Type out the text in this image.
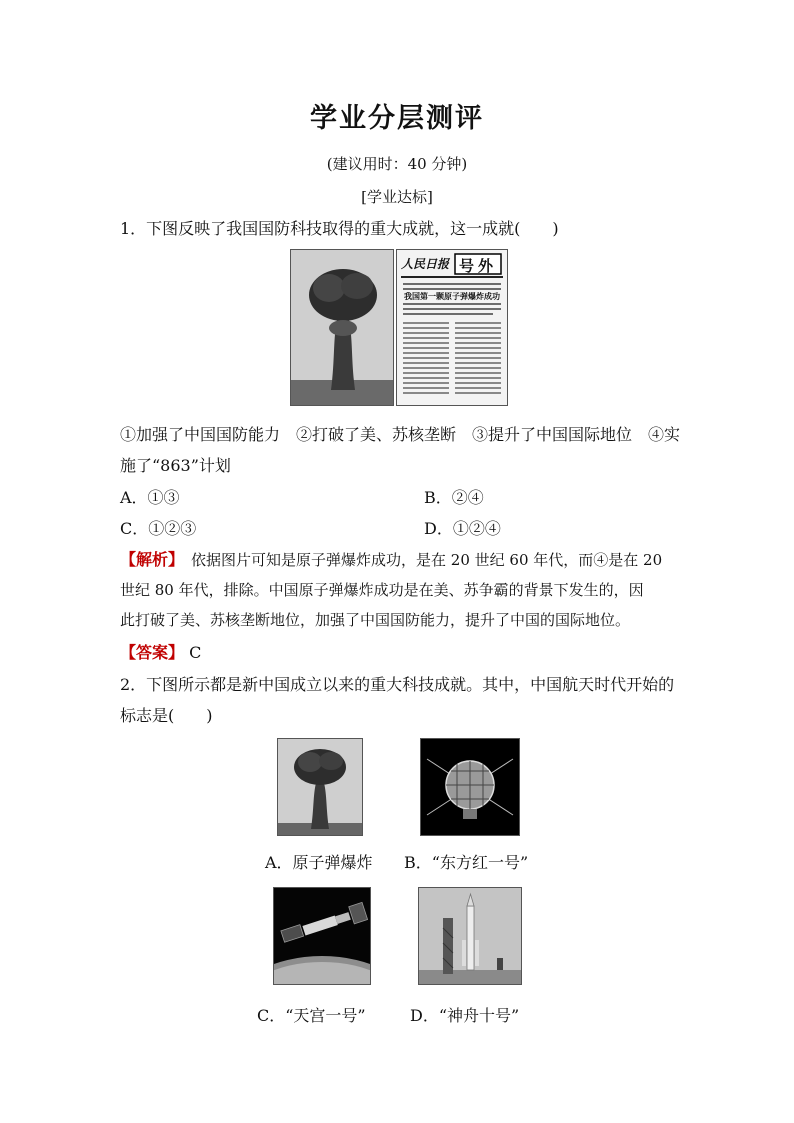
学业分层测评
(建议用时：40 分钟)
[学业达标]
1．下图反映了我国国防科技取得的重大成就，这一成就(　　)
人民日报 号外
我国第一颗原子弹爆炸成功
①加强了中国国防能力　②打破了美、苏核垄断　③提升了中国国际地位　④实
施了“863”计划
A．①③	B．②④
C．①②③	D．①②④
【解析】　依据图片可知是原子弹爆炸成功，是在 20 世纪 60 年代，而④是在 20
世纪 80 年代，排除。中国原子弹爆炸成功是在美、苏争霸的背景下发生的，因
此打破了美、苏核垄断地位，加强了中国国防能力，提升了中国的国际地位。
【答案】 C
2．下图所示都是新中国成立以来的重大科技成就。其中，中国航天时代开始的
标志是(　　)
A．原子弹爆炸 B．“东方红一号”
C．“天宫一号”	D．“神舟十号”
